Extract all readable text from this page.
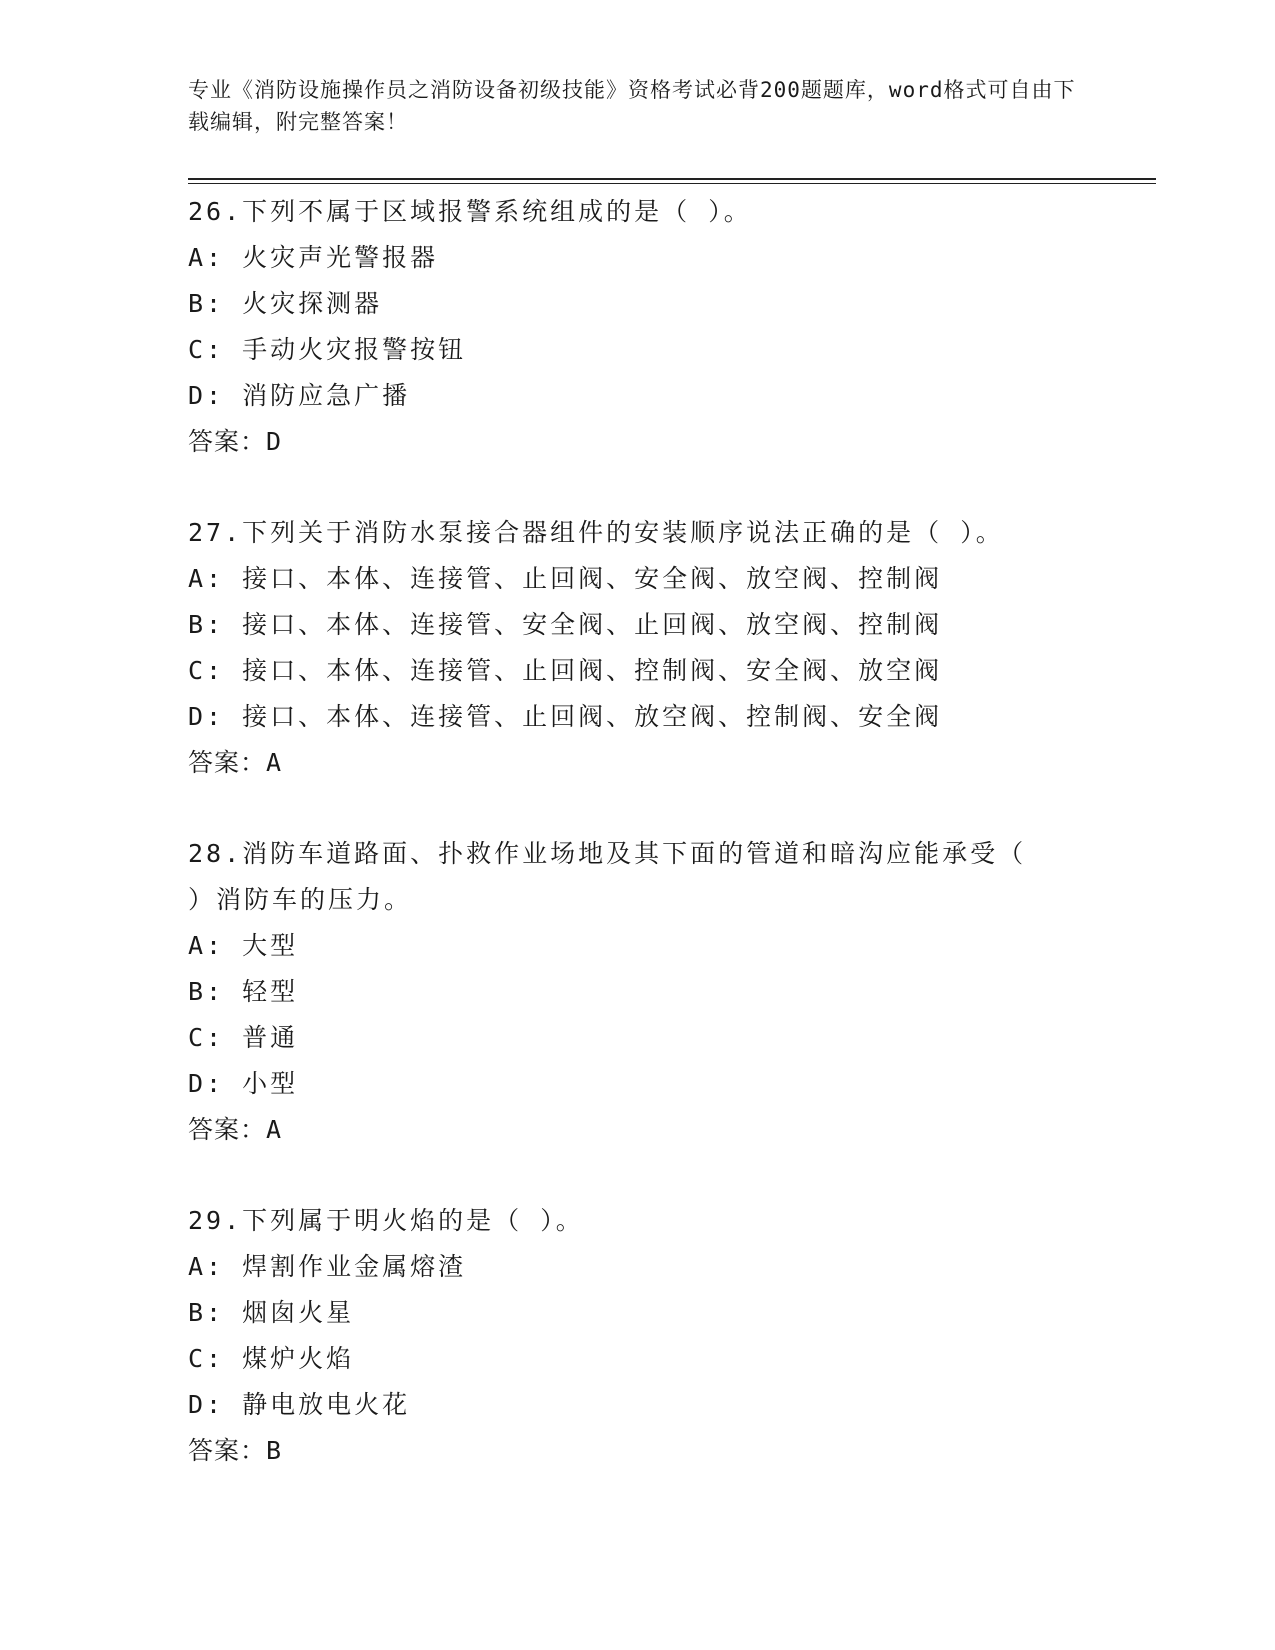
专业《消防设施操作员之消防设备初级技能》资格考试必背200题题库，word格式可自由下载编辑，附完整答案！
26.下列不属于区域报警系统组成的是（ ）。
A: 火灾声光警报器
B: 火灾探测器
C: 手动火灾报警按钮
D: 消防应急广播
答案：D
27.下列关于消防水泵接合器组件的安装顺序说法正确的是（ ）。
A: 接口、本体、连接管、止回阀、安全阀、放空阀、控制阀
B: 接口、本体、连接管、安全阀、止回阀、放空阀、控制阀
C: 接口、本体、连接管、止回阀、控制阀、安全阀、放空阀
D: 接口、本体、连接管、止回阀、放空阀、控制阀、安全阀
答案：A
28.消防车道路面、扑救作业场地及其下面的管道和暗沟应能承受（ ）消防车的压力。
A: 大型
B: 轻型
C: 普通
D: 小型
答案：A
29.下列属于明火焰的是（ ）。
A: 焊割作业金属熔渣
B: 烟囱火星
C: 煤炉火焰
D: 静电放电火花
答案：B
